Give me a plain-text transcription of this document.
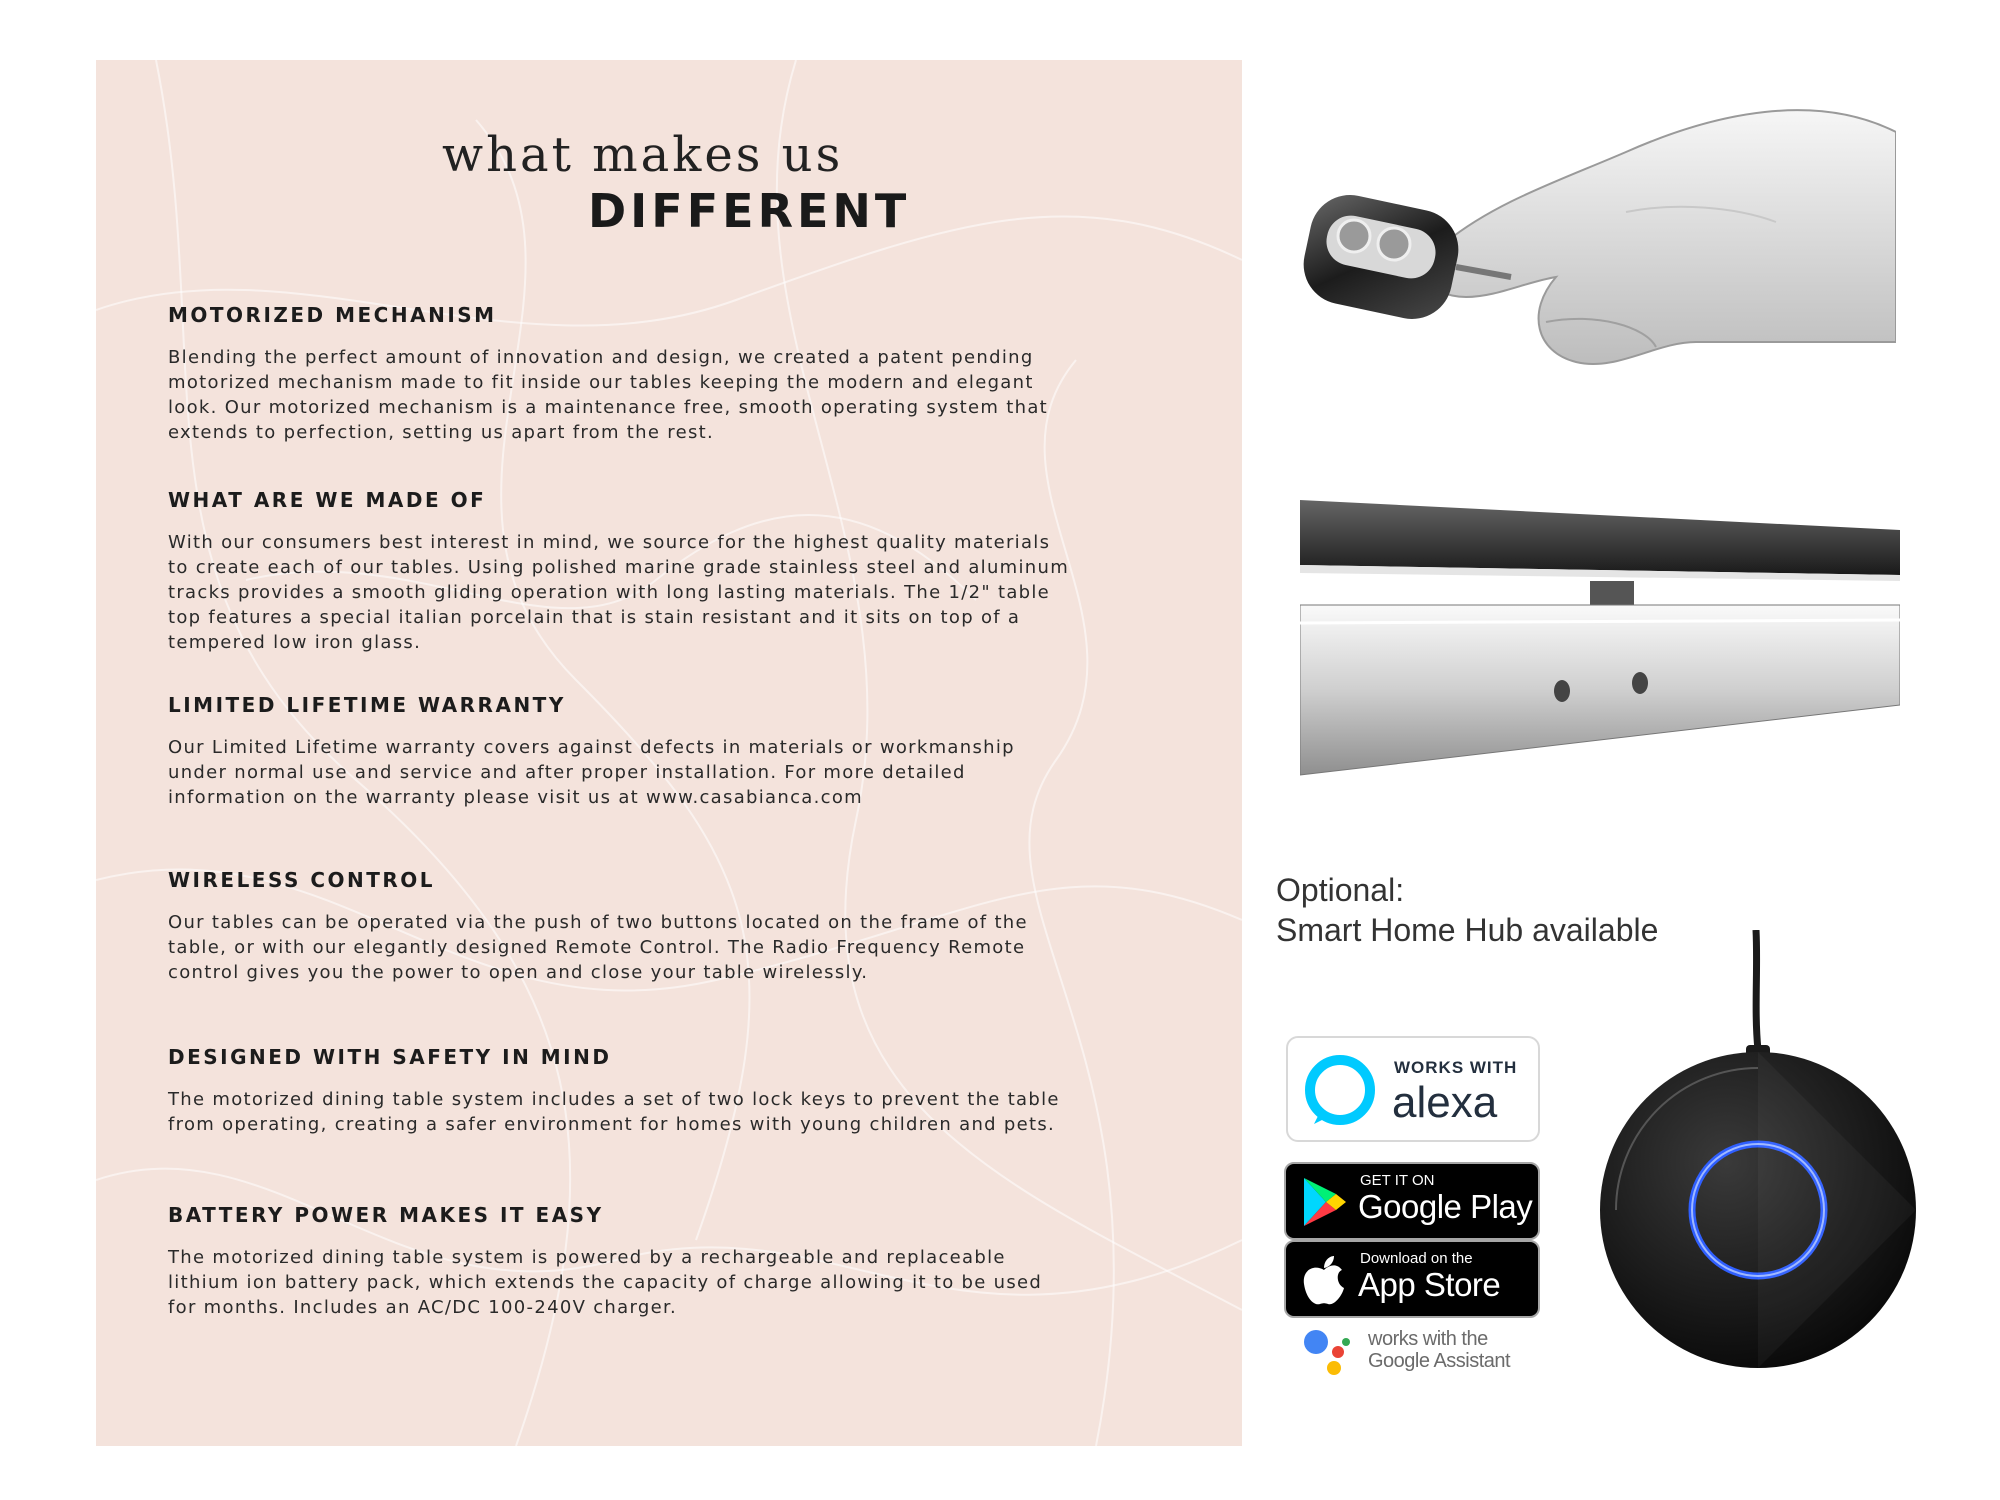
what makes us
DIFFERENT
MOTORIZED MECHANISM

Blending the perfect amount of innovation and design, we created a patent pending
motorized mechanism made to fit inside our tables keeping the modern and elegant
look. Our motorized mechanism is a maintenance free, smooth operating system that
extends to perfection, setting us apart from the rest.

WHAT ARE WE MADE OF

With our consumers best interest in mind, we source for the highest quality materials
to create each of our tables. Using polished marine grade stainless steel and aluminum
tracks provides a smooth gliding operation with long lasting materials. The 1/2" table
top features a special italian porcelain that is stain resistant and it sits on top of a
tempered low iron glass.

LIMITED LIFETIME WARRANTY

Our Limited Lifetime warranty covers against defects in materials or workmanship
under normal use and service and after proper installation. For more detailed
information on the warranty please visit us at www.casabianca.com

WIRELESS CONTROL

Our tables can be operated via the push of two buttons located on the frame of the
table, or with our elegantly designed Remote Control. The Radio Frequency Remote
control gives you the power to open and close your table wirelessly.

DESIGNED WITH SAFETY IN MIND

The motorized dining table system includes a set of two lock keys to prevent the table
from operating, creating a safer environment for homes with young children and pets.

BATTERY POWER MAKES IT EASY

The motorized dining table system is powered by a rechargeable and replaceable
lithium ion battery pack, which extends the capacity of charge allowing it to be used
for months. Includes an AC/DC 100-240V charger.

Optional:
Smart Home Hub available
WORKS WITH
alexa
GET IT ON
Google Play
Download on the
App Store
works with the
Google Assistant
